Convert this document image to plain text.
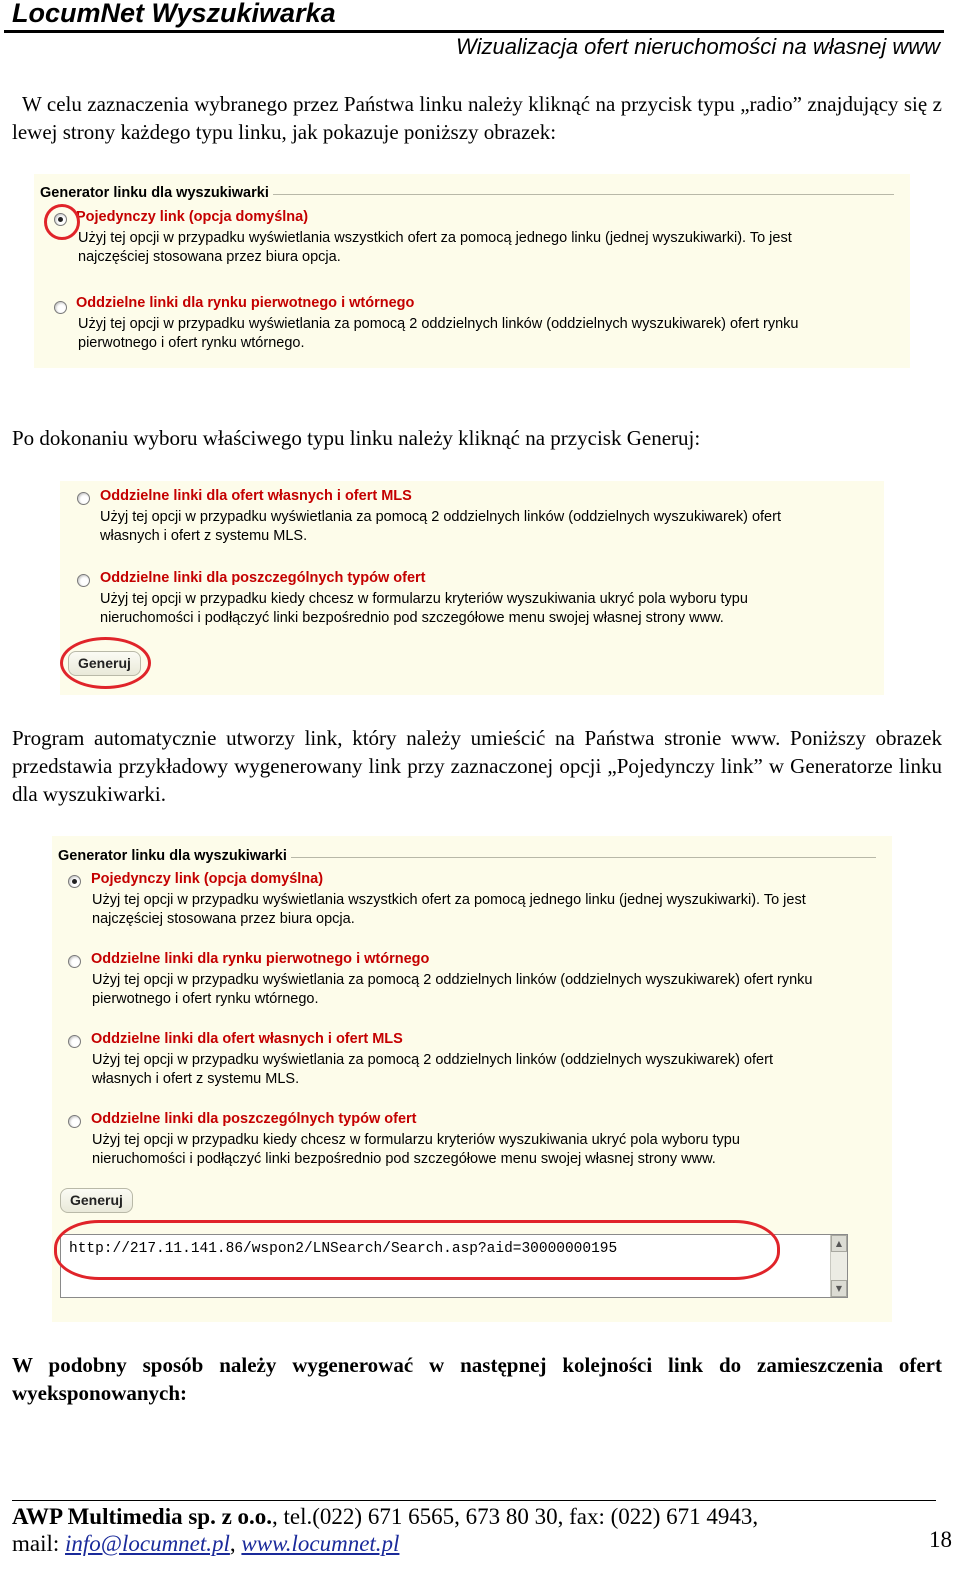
LocumNet Wyszukiwarka
Wizualizacja ofert nieruchomości na własnej www

W celu zaznaczenia wybranego przez Państwa linku należy kliknąć na przycisk typu „radio” znajdujący się z lewej strony każdego typu linku, jak pokazuje poniższy obrazek:

Generator linku dla wyszukiwarki
Pojedynczy link (opcja domyślna)
Użyj tej opcji w przypadku wyświetlania wszystkich ofert za pomocą jednego linku (jednej wyszukiwarki). To jest
najczęściej stosowana przez biura opcja.
Oddzielne linki dla rynku pierwotnego i wtórnego
Użyj tej opcji w przypadku wyświetlania za pomocą 2 oddzielnych linków (oddzielnych wyszukiwarek) ofert rynku
pierwotnego i ofert rynku wtórnego.

Po dokonaniu wyboru właściwego typu linku należy kliknąć na przycisk Generuj:

Oddzielne linki dla ofert własnych i ofert MLS
Użyj tej opcji w przypadku wyświetlania za pomocą 2 oddzielnych linków (oddzielnych wyszukiwarek) ofert
własnych i ofert z systemu MLS.
Oddzielne linki dla poszczególnych typów ofert
Użyj tej opcji w przypadku kiedy chcesz w formularzu kryteriów wyszukiwania ukryć pola wyboru typu
nieruchomości i podłączyć linki bezpośrednio pod szczegółowe menu swojej własnej strony www.
Generuj

Program automatycznie utworzy link, który należy umieścić na Państwa stronie www. Poniższy obrazek przedstawia przykładowy wygenerowany link przy zaznaczonej opcji „Pojedynczy link” w Generatorze linku dla wyszukiwarki.

Generator linku dla wyszukiwarki
Pojedynczy link (opcja domyślna)
Użyj tej opcji w przypadku wyświetlania wszystkich ofert za pomocą jednego linku (jednej wyszukiwarki). To jest
najczęściej stosowana przez biura opcja.
Oddzielne linki dla rynku pierwotnego i wtórnego
Użyj tej opcji w przypadku wyświetlania za pomocą 2 oddzielnych linków (oddzielnych wyszukiwarek) ofert rynku
pierwotnego i ofert rynku wtórnego.
Oddzielne linki dla ofert własnych i ofert MLS
Użyj tej opcji w przypadku wyświetlania za pomocą 2 oddzielnych linków (oddzielnych wyszukiwarek) ofert
własnych i ofert z systemu MLS.
Oddzielne linki dla poszczególnych typów ofert
Użyj tej opcji w przypadku kiedy chcesz w formularzu kryteriów wyszukiwania ukryć pola wyboru typu
nieruchomości i podłączyć linki bezpośrednio pod szczegółowe menu swojej własnej strony www.
Generuj
http://217.11.141.86/wspon2/LNSearch/Search.asp?aid=30000000195	▲
▼

W podobny sposób należy wygenerować w następnej kolejności link do zamieszczenia ofert wyeksponowanych:

AWP Multimedia sp. z o.o., tel.(022) 671 6565, 673 80 30, fax: (022) 671 4943,
mail: info@locumnet.pl, www.locumnet.pl	18
